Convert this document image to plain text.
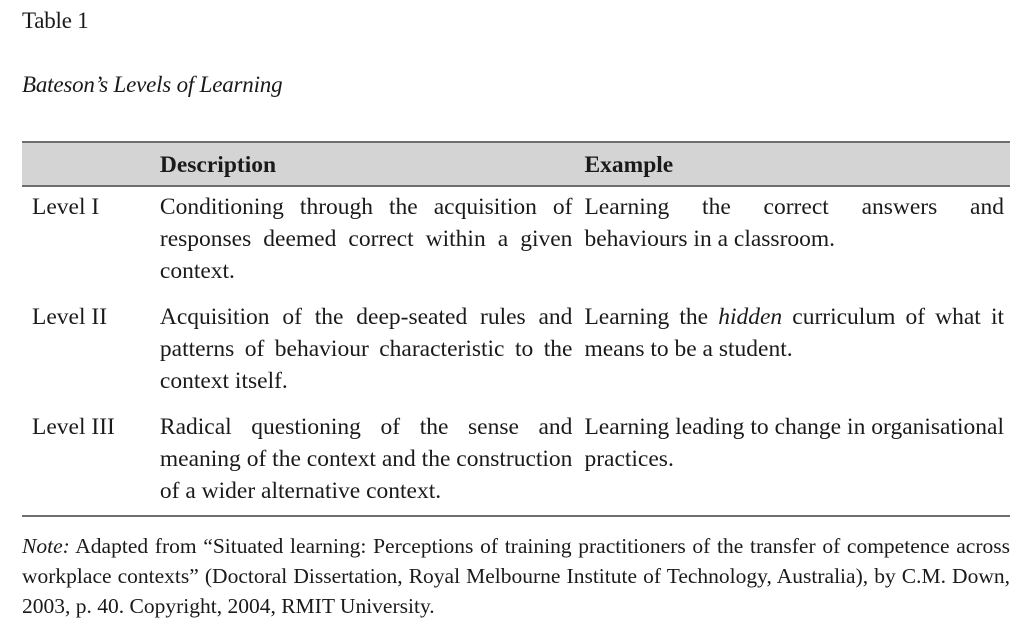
Table 1
Bateson’s Levels of Learning
	Description	Example
Level I	Conditioning through the acquisition of responses deemed correct within a given context.	Learning the correct answers and behaviours in a classroom.
Level II	Acquisition of the deep-seated rules and patterns of behaviour characteristic to the context itself.	Learning the hidden curriculum of what it means to be a student.
Level III	Radical questioning of the sense and meaning of the context and the construction of a wider alternative context.	Learning leading to change in organisational practices.
Note: Adapted from “Situated learning: Perceptions of training practitioners of the transfer of competence across workplace contexts” (Doctoral Dissertation, Royal Melbourne Institute of Technology, Australia), by C.M. Down, 2003, p. 40. Copyright, 2004, RMIT University.
